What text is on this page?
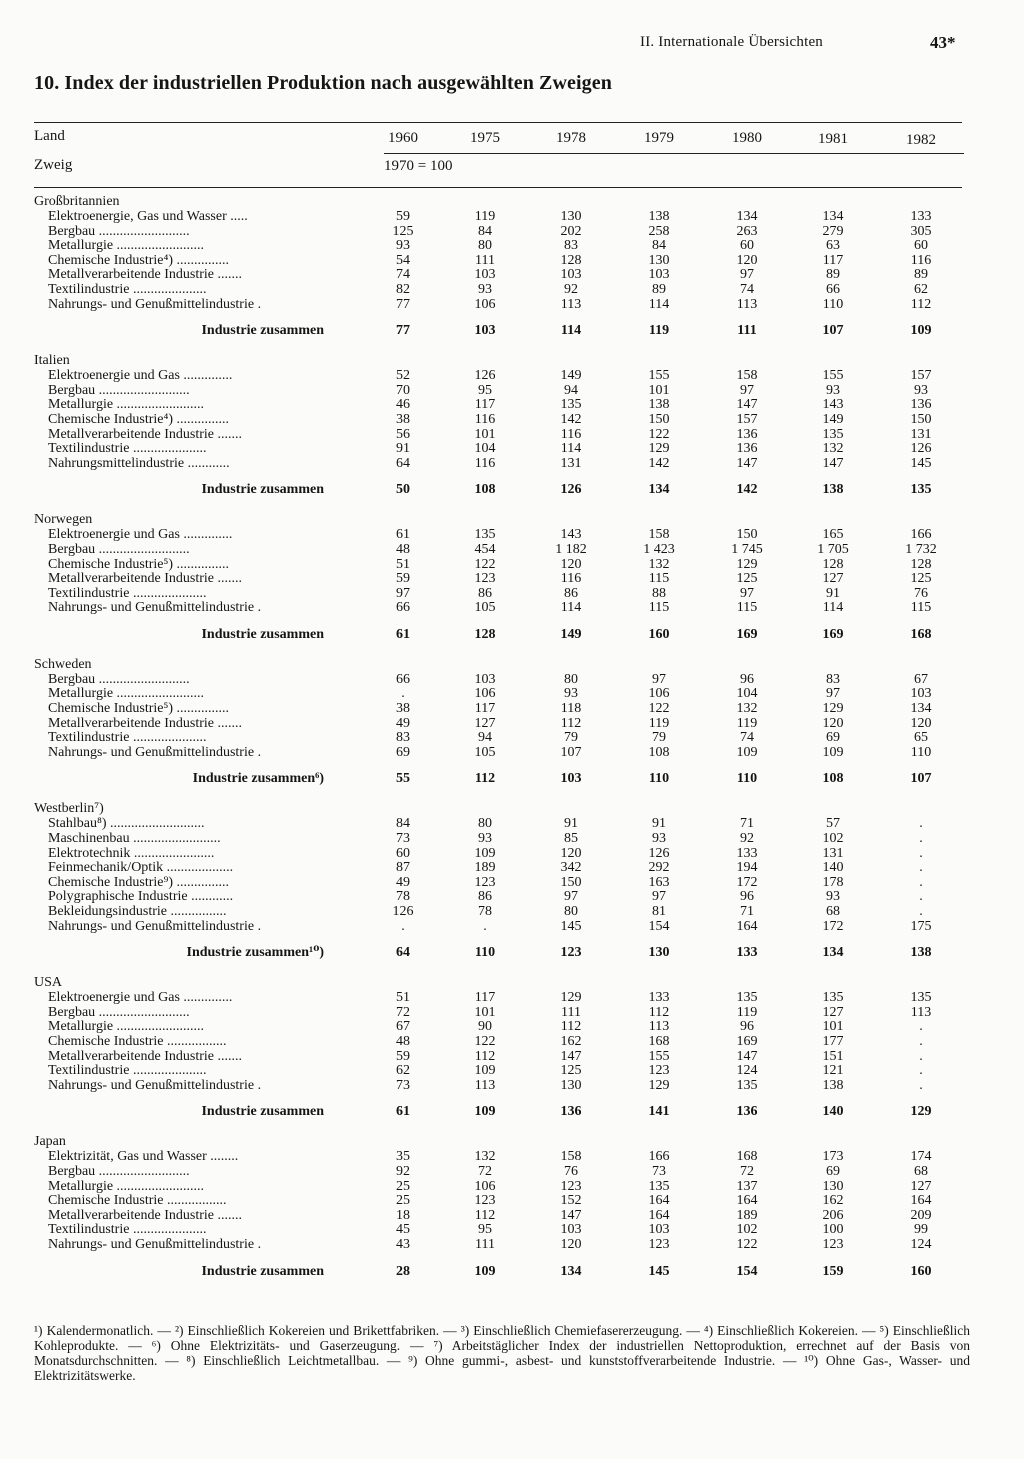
II. Internationale Übersichten	43*
10. Index der industriellen Produktion nach ausgewählten Zweigen
Land
Zweig
1960	1975	1978	1979	1980	1981	1982
1970 = 100
Großbritannien
Elektroenergie, Gas und Wasser .....	59	119	130	138	134	134	133
Bergbau ..........................	125	84	202	258	263	279	305
Metallurgie .........................	93	80	83	84	60	63	60
Chemische Industrie⁴) ...............	54	111	128	130	120	117	116
Metallverarbeitende Industrie .......	74	103	103	103	97	89	89
Textilindustrie .....................	82	93	92	89	74	66	62
Nahrungs- und Genußmittelindustrie .	77	106	113	114	113	110	112
Industrie zusammen	77	103	114	119	111	107	109
Italien
Elektroenergie und Gas ..............	52	126	149	155	158	155	157
Bergbau ..........................	70	95	94	101	97	93	93
Metallurgie .........................	46	117	135	138	147	143	136
Chemische Industrie⁴) ...............	38	116	142	150	157	149	150
Metallverarbeitende Industrie .......	56	101	116	122	136	135	131
Textilindustrie .....................	91	104	114	129	136	132	126
Nahrungsmittelindustrie ............	64	116	131	142	147	147	145
Industrie zusammen	50	108	126	134	142	138	135
Norwegen
Elektroenergie und Gas ..............	61	135	143	158	150	165	166
Bergbau ..........................	48	454	1 182	1 423	1 745	1 705	1 732
Chemische Industrie⁵) ...............	51	122	120	132	129	128	128
Metallverarbeitende Industrie .......	59	123	116	115	125	127	125
Textilindustrie .....................	97	86	86	88	97	91	76
Nahrungs- und Genußmittelindustrie .	66	105	114	115	115	114	115
Industrie zusammen	61	128	149	160	169	169	168
Schweden
Bergbau ..........................	66	103	80	97	96	83	67
Metallurgie .........................	.	106	93	106	104	97	103
Chemische Industrie⁵) ...............	38	117	118	122	132	129	134
Metallverarbeitende Industrie .......	49	127	112	119	119	120	120
Textilindustrie .....................	83	94	79	79	74	69	65
Nahrungs- und Genußmittelindustrie .	69	105	107	108	109	109	110
Industrie zusammen⁶)	55	112	103	110	110	108	107
Westberlin⁷)
Stahlbau⁸) ...........................	84	80	91	91	71	57	.
Maschinenbau .........................	73	93	85	93	92	102	.
Elektrotechnik .......................	60	109	120	126	133	131	.
Feinmechanik/Optik ...................	87	189	342	292	194	140	.
Chemische Industrie⁹) ...............	49	123	150	163	172	178	.
Polygraphische Industrie ............	78	86	97	97	96	93	.
Bekleidungsindustrie ................	126	78	80	81	71	68	.
Nahrungs- und Genußmittelindustrie .	.	.	145	154	164	172	175
Industrie zusammen¹⁰)	64	110	123	130	133	134	138
USA
Elektroenergie und Gas ..............	51	117	129	133	135	135	135
Bergbau ..........................	72	101	111	112	119	127	113
Metallurgie .........................	67	90	112	113	96	101	.
Chemische Industrie .................	48	122	162	168	169	177	.
Metallverarbeitende Industrie .......	59	112	147	155	147	151	.
Textilindustrie .....................	62	109	125	123	124	121	.
Nahrungs- und Genußmittelindustrie .	73	113	130	129	135	138	.
Industrie zusammen	61	109	136	141	136	140	129
Japan
Elektrizität, Gas und Wasser ........	35	132	158	166	168	173	174
Bergbau ..........................	92	72	76	73	72	69	68
Metallurgie .........................	25	106	123	135	137	130	127
Chemische Industrie .................	25	123	152	164	164	162	164
Metallverarbeitende Industrie .......	18	112	147	164	189	206	209
Textilindustrie .....................	45	95	103	103	102	100	99
Nahrungs- und Genußmittelindustrie .	43	111	120	123	122	123	124
Industrie zusammen	28	109	134	145	154	159	160
¹) Kalendermonatlich. — ²) Einschließlich Kokereien und Brikettfabriken. — ³) Einschließlich Chemiefasererzeugung. — ⁴) Einschließlich Kokereien. — ⁵) Einschließlich Kohleprodukte. — ⁶) Ohne Elektrizitäts- und Gaserzeugung. — ⁷) Arbeitstäglicher Index der industriellen Nettoproduktion, errechnet auf der Basis von Monatsdurchschnitten. — ⁸) Einschließlich Leichtmetallbau. — ⁹) Ohne gummi-, asbest- und kunststoffverarbeitende Industrie. — ¹⁰) Ohne Gas-, Wasser- und Elektrizitätswerke.
